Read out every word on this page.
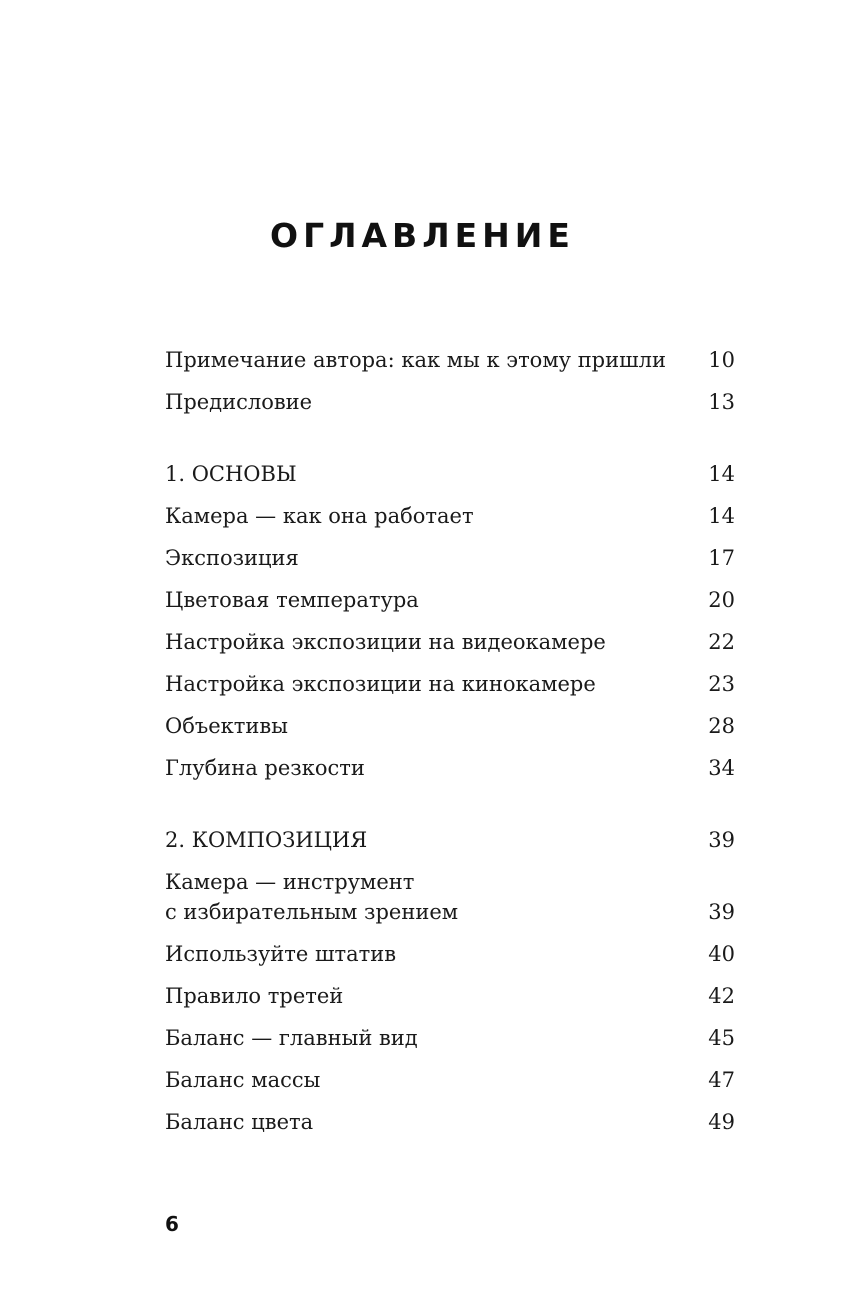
ОГЛАВЛЕНИЕ
Примечание автора: как мы к этому пришли 10
Предисловие	13
1. ОСНОВЫ	14
Камера — как она работает	14
Экспозиция	17
Цветовая температура	20
Настройка экспозиции на видеокамере	22
Настройка экспозиции на кинокамере	23
Объективы	28
Глубина резкости	34
2. КОМПОЗИЦИЯ	39
Камера — инструмент
с избирательным зрением	39
Используйте штатив	40
Правило третей	42
Баланс — главный вид	45
Баланс массы	47
Баланс цвета	49
6
